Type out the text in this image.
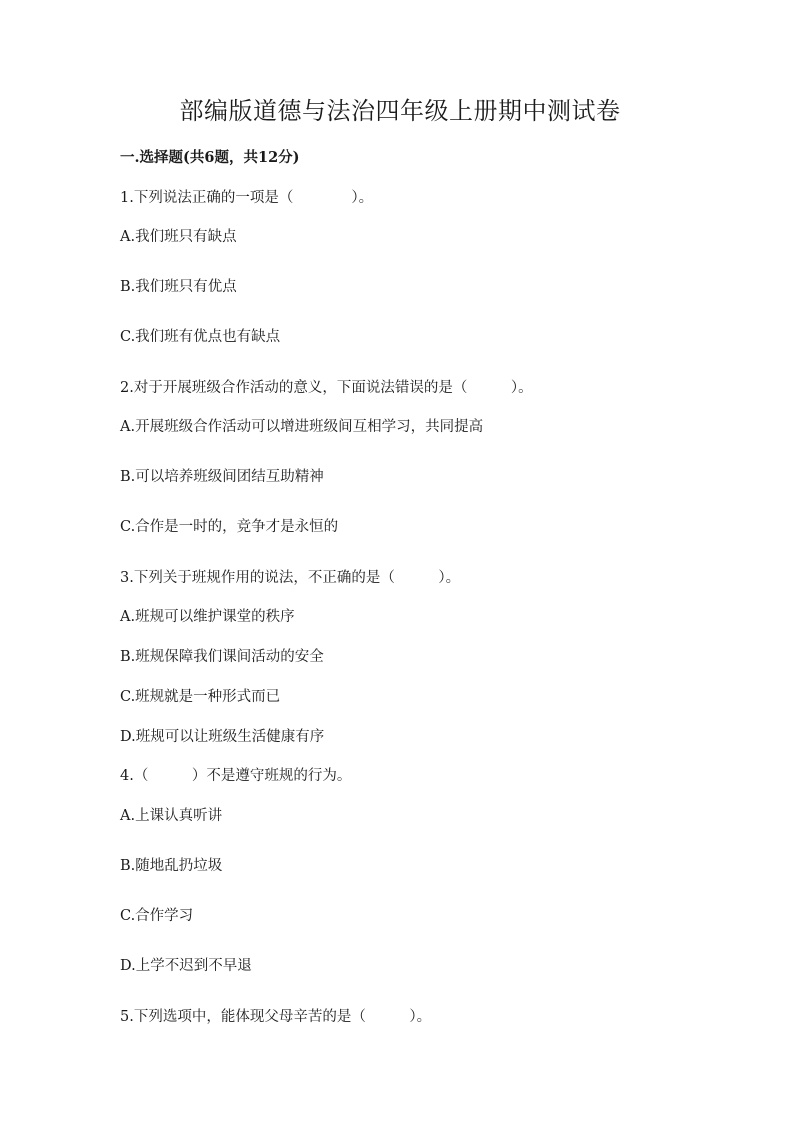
部编版道德与法治四年级上册期中测试卷
一.选择题(共6题，共12分)
1.下列说法正确的一项是（　　　　）。
A.我们班只有缺点
B.我们班只有优点
C.我们班有优点也有缺点
2.对于开展班级合作活动的意义，下面说法错误的是（　　　）。
A.开展班级合作活动可以增进班级间互相学习，共同提高
B.可以培养班级间团结互助精神
C.合作是一时的，竞争才是永恒的
3.下列关于班规作用的说法，不正确的是（　　　）。
A.班规可以维护课堂的秩序
B.班规保障我们课间活动的安全
C.班规就是一种形式而已
D.班规可以让班级生活健康有序
4.（　　　）不是遵守班规的行为。
A.上课认真听讲
B.随地乱扔垃圾
C.合作学习
D.上学不迟到不早退
5.下列选项中，能体现父母辛苦的是（　　　）。
